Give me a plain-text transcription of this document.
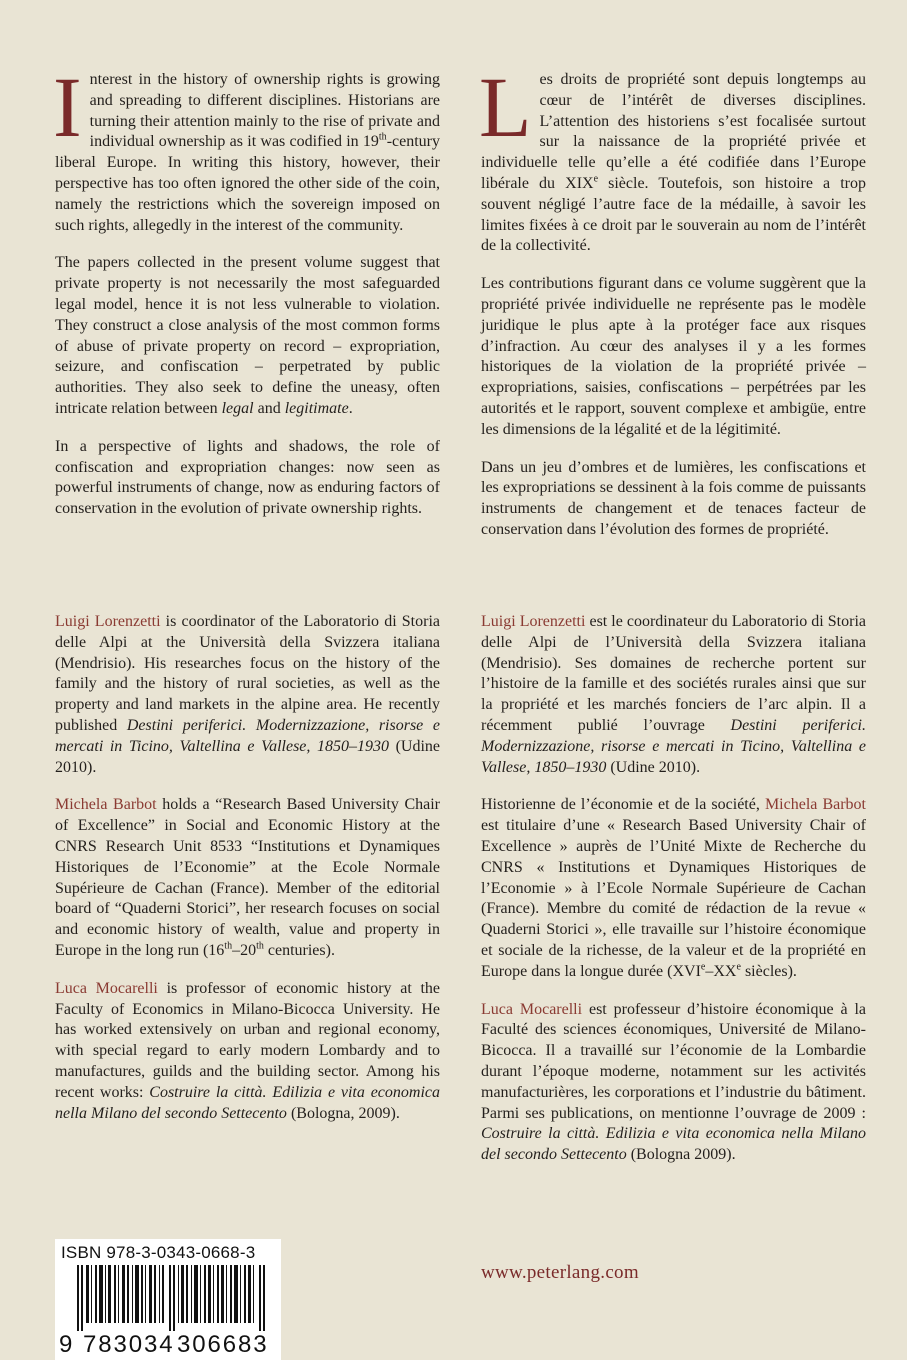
Interest in the history of ownership rights is growing and spreading to different disciplines. Historians are turning their attention mainly to the rise of private and individual ownership as it was codified in 19th-century liberal Europe. In writing this history, however, their perspective has too often ignored the other side of the coin, namely the restrictions which the sovereign imposed on such rights, allegedly in the interest of the community.

The papers collected in the present volume suggest that private property is not necessarily the most safeguarded legal model, hence it is not less vulnerable to violation. They construct a close analysis of the most common forms of abuse of private property on record – expropriation, seizure, and confiscation – perpetrated by public authorities. They also seek to define the uneasy, often intricate relation between legal and legitimate.

In a perspective of lights and shadows, the role of confiscation and expropriation changes: now seen as powerful instruments of change, now as enduring factors of conservation in the evolution of private ownership rights.

Les droits de propriété sont depuis longtemps au cœur de l’intérêt de diverses disciplines. L’attention des historiens s’est focalisée surtout sur la naissance de la propriété privée et individuelle telle qu’elle a été codifiée dans l’Europe libérale du XIXe siècle. Toutefois, son histoire a trop souvent négligé l’autre face de la médaille, à savoir les limites fixées à ce droit par le souverain au nom de l’intérêt de la collectivité.

Les contributions figurant dans ce volume suggèrent que la propriété privée individuelle ne représente pas le modèle juridique le plus apte à la protéger face aux risques d’infraction. Au cœur des analyses il y a les formes historiques de la violation de la propriété privée – expropriations, saisies, confiscations – perpétrées par les autorités et le rapport, souvent complexe et ambigüe, entre les dimensions de la légalité et de la légitimité.

Dans un jeu d’ombres et de lumières, les confiscations et les expropriations se dessinent à la fois comme de puissants instruments de changement et de tenaces facteur de conservation dans l’évolution des formes de propriété.

Luigi Lorenzetti is coordinator of the Laboratorio di Storia delle Alpi at the Università della Svizzera italiana (Mendrisio). His researches focus on the history of the family and the history of rural societies, as well as the property and land markets in the alpine area. He recently published Destini periferici. Modernizzazione, risorse e mercati in Ticino, Valtellina e Vallese, 1850–1930 (Udine 2010).

Michela Barbot holds a “Research Based University Chair of Excellence” in Social and Economic History at the CNRS Research Unit 8533 “Institutions et Dynamiques Historiques de l’Economie” at the Ecole Normale Supérieure de Cachan (France). Member of the editorial board of “Quaderni Storici”, her research focuses on social and economic history of wealth, value and property in Europe in the long run (16th–20th centuries).

Luca Mocarelli is professor of economic history at the Faculty of Economics in Milano-Bicocca University. He has worked extensively on urban and regional economy, with special regard to early modern Lombardy and to manufactures, guilds and the building sector. Among his recent works: Costruire la città. Edilizia e vita economica nella Milano del secondo Settecento (Bologna, 2009).

Luigi Lorenzetti est le coordinateur du Laboratorio di Storia delle Alpi de l’Università della Svizzera italiana (Mendrisio). Ses domaines de recherche portent sur l’histoire de la famille et des sociétés rurales ainsi que sur la propriété et les marchés fonciers de l’arc alpin. Il a récemment publié l’ouvrage Destini periferici. Modernizzazione, risorse e mercati in Ticino, Valtellina e Vallese, 1850–1930 (Udine 2010).

Historienne de l’économie et de la société, Michela Barbot est titulaire d’une « Research Based University Chair of Excellence » auprès de l’Unité Mixte de Recherche du CNRS « Institutions et Dynamiques Historiques de l’Economie » à l’Ecole Normale Supérieure de Cachan (France). Membre du comité de rédaction de la revue « Quaderni Storici », elle travaille sur l’histoire économique et sociale de la richesse, de la valeur et de la propriété en Europe dans la longue durée (XVIe–XXe siècles).

Luca Mocarelli est professeur d’histoire économique à la Faculté des sciences économiques, Université de Milano-Bicocca. Il a travaillé sur l’économie de la Lombardie durant l’époque moderne, notamment sur les activités manufacturières, les corporations et l’industrie du bâtiment. Parmi ses publications, on mentionne l’ouvrage de 2009 : Costruire la città. Edilizia e vita economica nella Milano del secondo Settecento (Bologna 2009).

ISBN 978-3-0343-0668-3
9 783034 306683
www.peterlang.com
